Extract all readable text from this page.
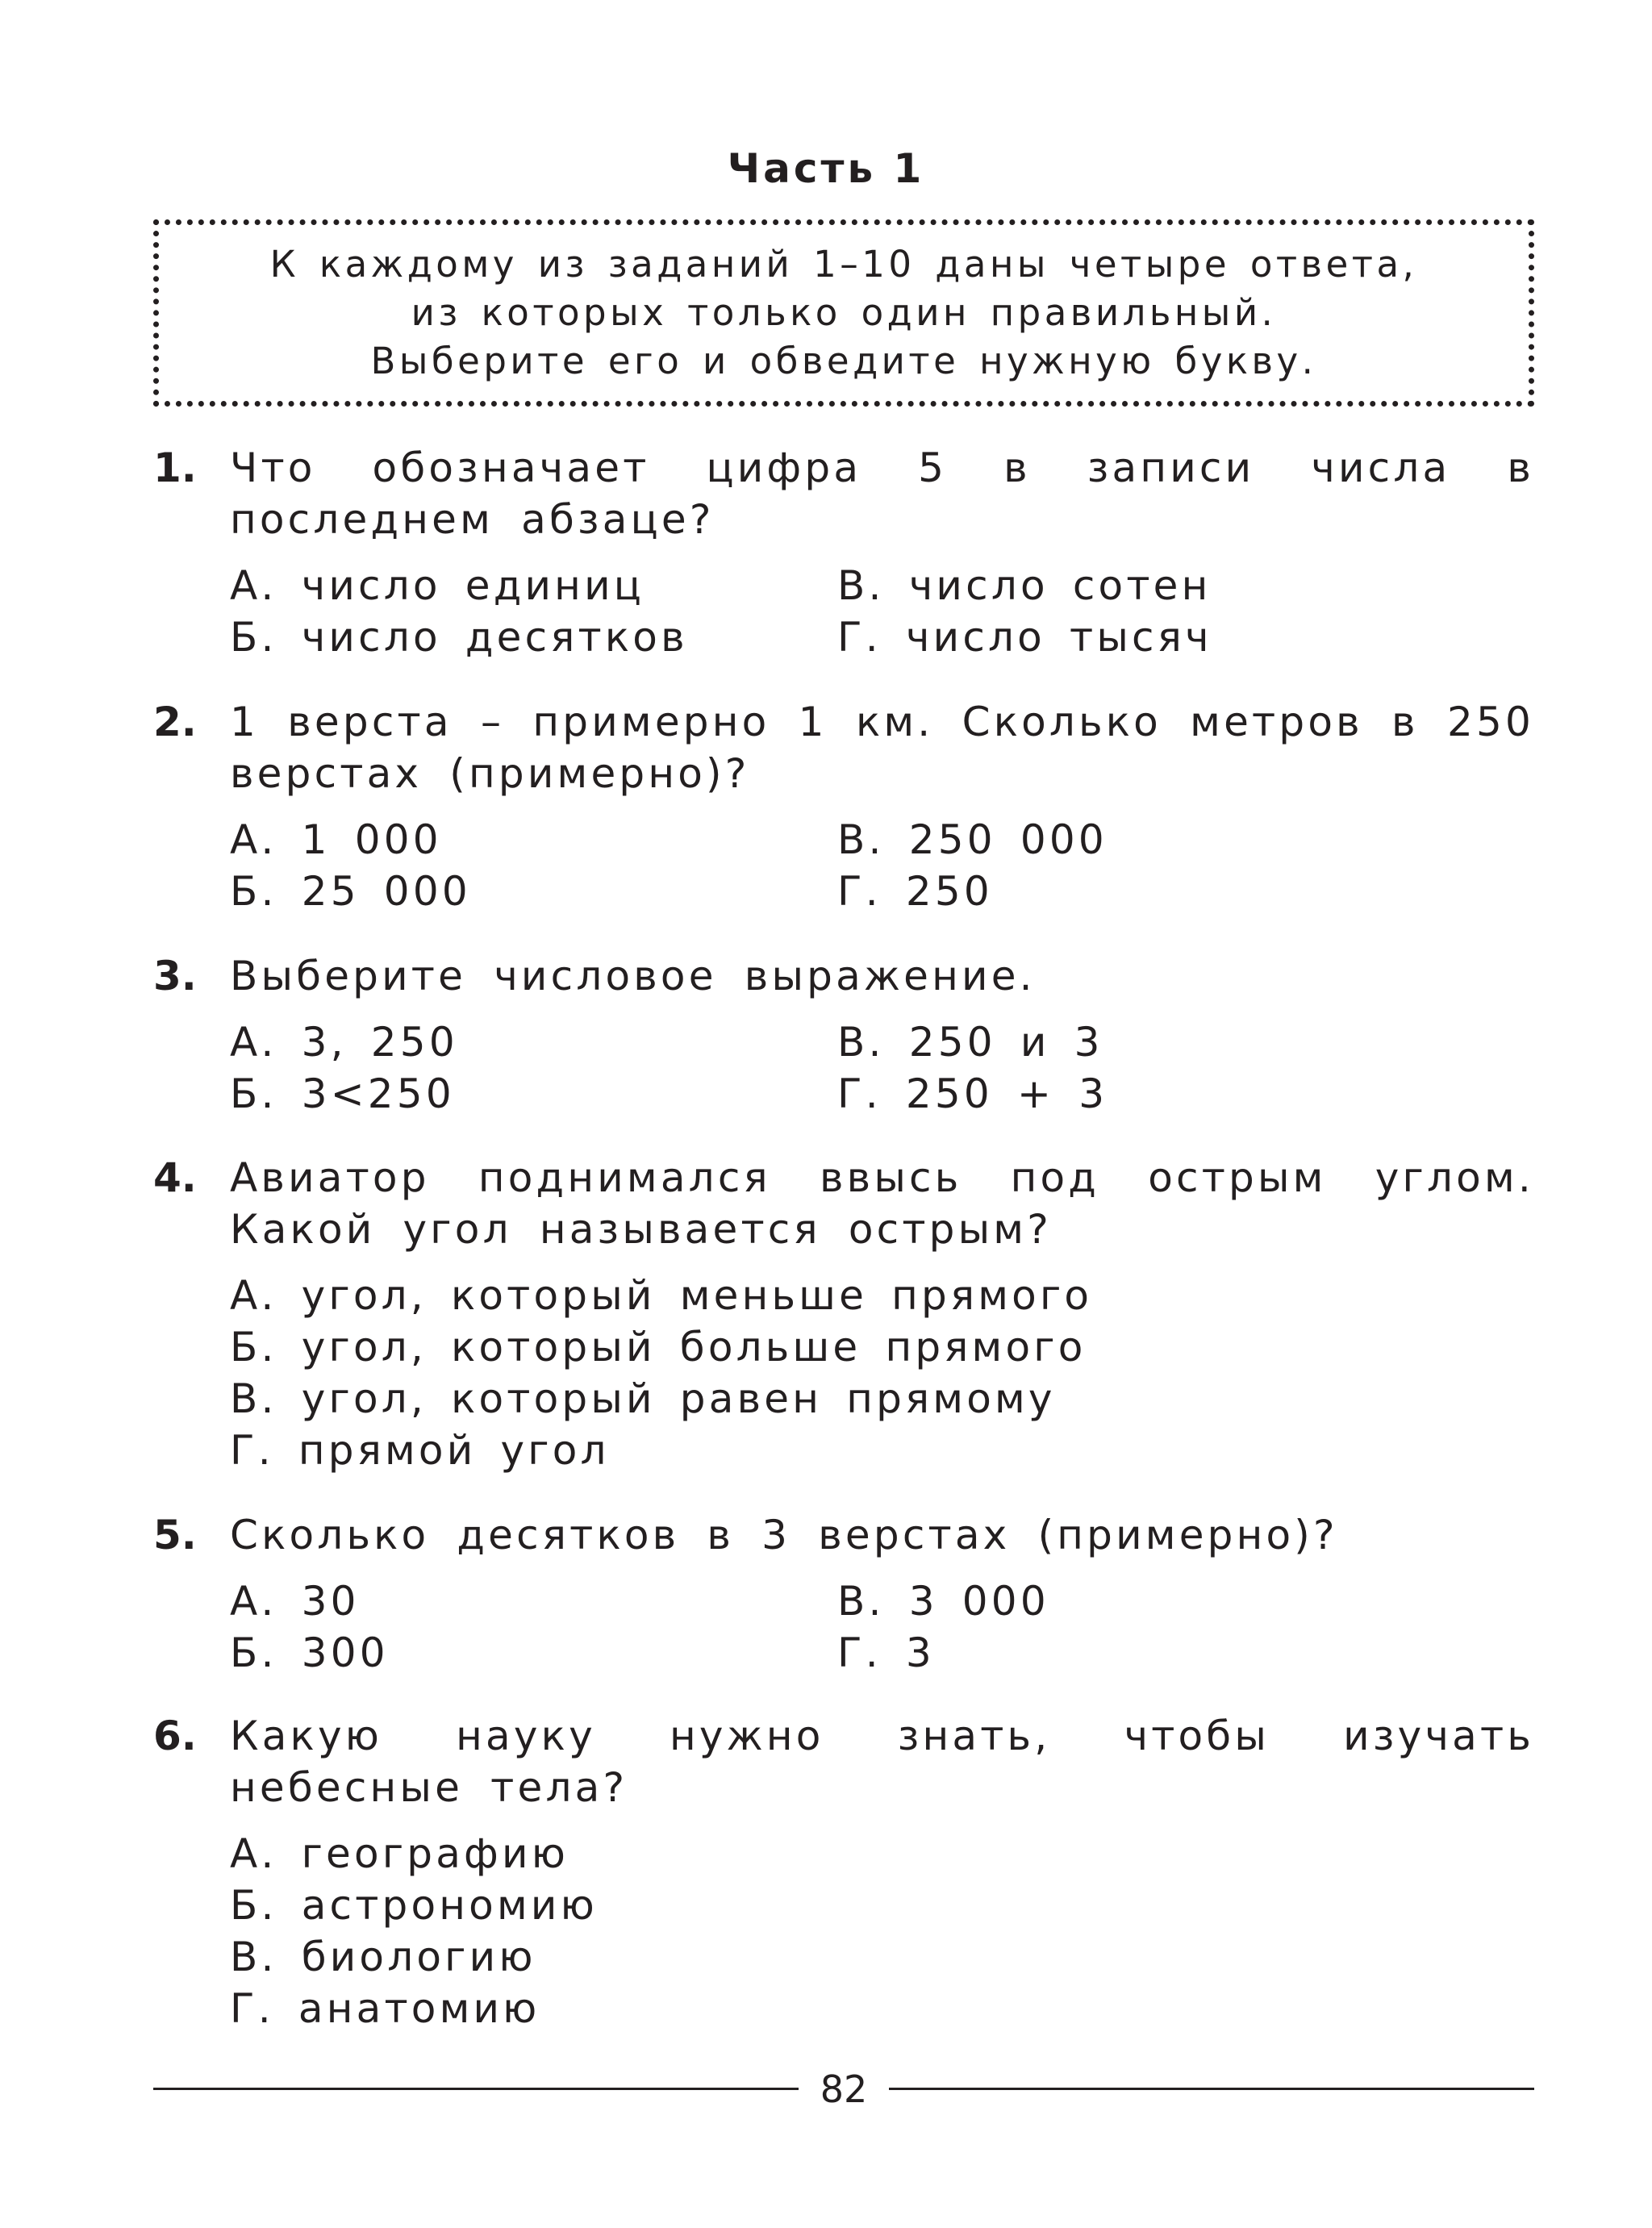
Часть 1
К каждому из заданий 1–10 даны четыре ответа,
из которых только один правильный.
Выберите его и обведите нужную букву.
1. Что обозначает цифра 5 в записи числа в последнем абзаце?
А. число единиц	В. число сотен
Б. число десятков	Г. число тысяч
2. 1 верста – примерно 1 км. Сколько метров в 250 верстах (примерно)?
А. 1 000	В. 250 000
Б. 25 000	Г. 250
3. Выберите числовое выражение.
А. 3, 250	В. 250 и 3
Б. 3<250	Г. 250 + 3
4. Авиатор поднимался ввысь под острым углом. Какой угол называется острым?
А. угол, который меньше прямого
Б. угол, который больше прямого
В. угол, который равен прямому
Г. прямой угол
5. Сколько десятков в 3 верстах (примерно)?
А. 30	В. 3 000
Б. 300	Г. 3
6. Какую науку нужно знать, чтобы изучать небесные тела?
А. географию
Б. астрономию
В. биологию
Г. анатомию
82
